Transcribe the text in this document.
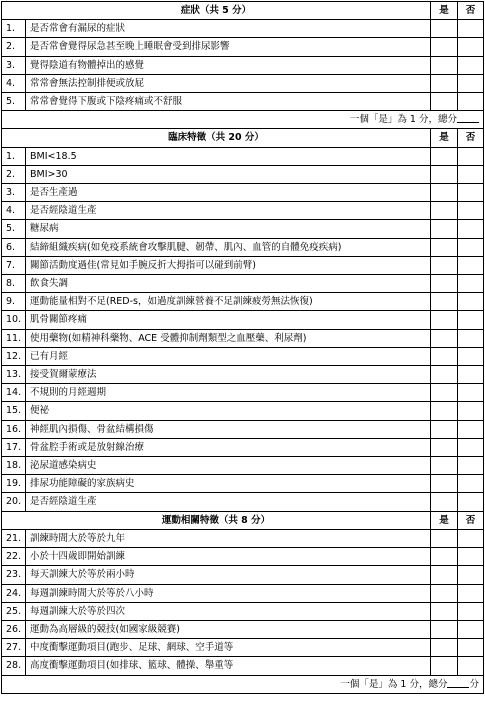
症狀（共 5 分）		是	否
1.	是否常會有漏尿的症狀		
2.	是否常會覺得尿急甚至晚上睡眠會受到排尿影響		
3.	覺得陰道有物體掉出的感覺		
4.	常常會無法控制排便或放屁		
5.	常常會覺得下腹或下陰疼痛或不舒服		
一個「是」為 1 分，總分			
臨床特徵（共 20 分）		是	否
1.	BMI<18.5		
2.	BMI>30		
3.	是否生產過		
4.	是否經陰道生產		
5.	糖尿病		
6.	結締組織疾病(如免疫系統會攻擊肌腱、韌帶、肌內、血管的自體免疫疾病)		
7.	關節活動度過佳(常見如手腕反折大拇指可以碰到前臂)		
8.	飲食失調		
9.	運動能量相對不足(RED-s，如過度訓練營養不足訓練疲勞無法恢復)		
10.	肌骨關節疼痛		
11.	使用藥物(如精神科藥物、ACE 受體抑制劑類型之血壓藥、利尿劑)		
12.	已有月經		
13.	接受賀爾蒙療法		
14.	不規則的月經週期		
15.	便祕		
16.	神經肌內損傷、骨盆結構損傷		
17.	骨盆腔手術或是放射線治療		
18.	泌尿道感染病史		
19.	排尿功能障礙的家族病史		
20.	是否經陰道生產		
運動相關特徵（共 8 分）		是	否
21.	訓練時間大於等於九年		
22.	小於十四歲即開始訓練		
23.	每天訓練大於等於兩小時		
24.	每週訓練時間大於等於八小時		
25.	每週訓練大於等於四次		
26.	運動為高層級的競技(如國家級競賽)		
27.	中度衝擊運動項目(跑步、足球、網球、空手道等		
28.	高度衝擊運動項目(如排球、籃球、體操、舉重等		
一個「是」為 1 分，總分 分			
